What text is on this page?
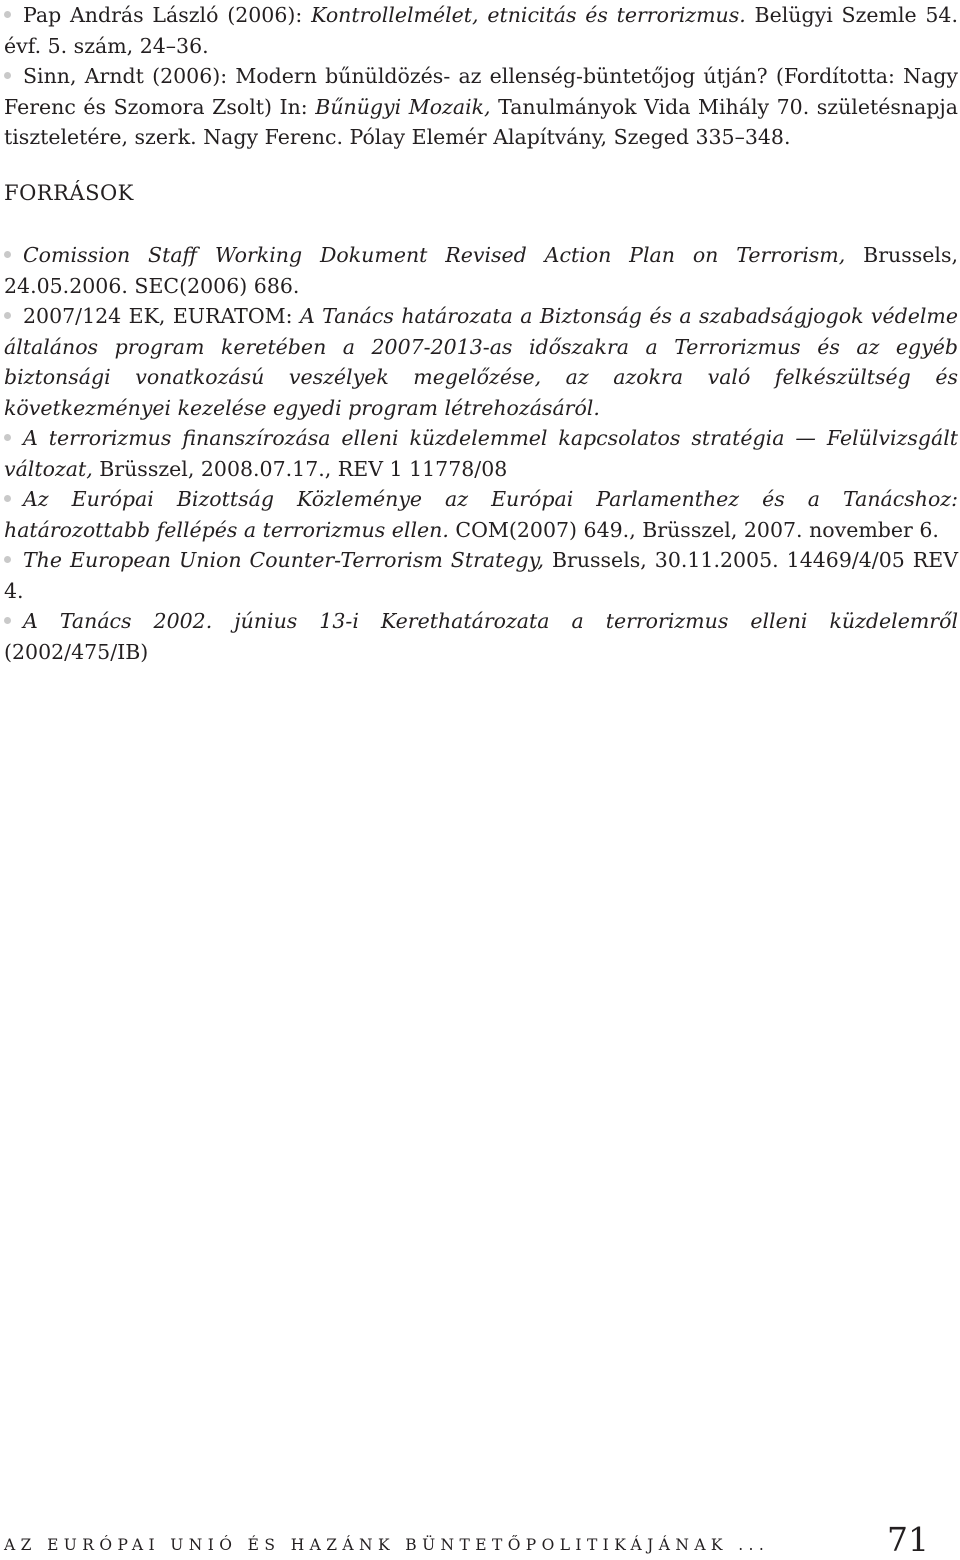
Pap András László (2006): Kontrollelmélet, etnicitás és terrorizmus. Belügyi Szemle 54. évf. 5. szám, 24–36.
Sinn, Arndt (2006): Modern bűnüldözés- az ellenség-büntetőjog útján? (Fordította: Nagy Ferenc és Szomora Zsolt) In: Bűnügyi Mozaik, Tanulmányok Vida Mihály 70. születésnapja tiszteletére, szerk. Nagy Ferenc. Pólay Elemér Alapítvány, Szeged 335–348.
FORRÁSOK
Comission Staff Working Dokument Revised Action Plan on Terrorism, Brussels, 24.05.2006. SEC(2006) 686.
2007/124 EK, EURATOM: A Tanács határozata a Biztonság és a szabadságjogok védelme általános program keretében a 2007-2013-as időszakra a Terrorizmus és az egyéb biztonsági vonatkozású veszélyek megelőzése, az azokra való felkészültség és következményei kezelése egyedi program létrehozásáról.
A terrorizmus finanszírozása elleni küzdelemmel kapcsolatos stratégia — Felülvizsgált változat, Brüsszel, 2008.07.17., REV 1 11778/08
Az Európai Bizottság Közleménye az Európai Parlamenthez és a Tanácshoz: határozottabb fellépés a terrorizmus ellen. COM(2007) 649., Brüsszel, 2007. november 6.
The European Union Counter-Terrorism Strategy, Brussels, 30.11.2005. 14469/4/05 REV 4.
A Tanács 2002. június 13-i Kerethatározata a terrorizmus elleni küzdelemről (2002/475/IB)
AZ EURÓPAI UNIÓ ÉS HAZÁNK BÜNTETŐPOLITIKÁJÁNAK ...	71
